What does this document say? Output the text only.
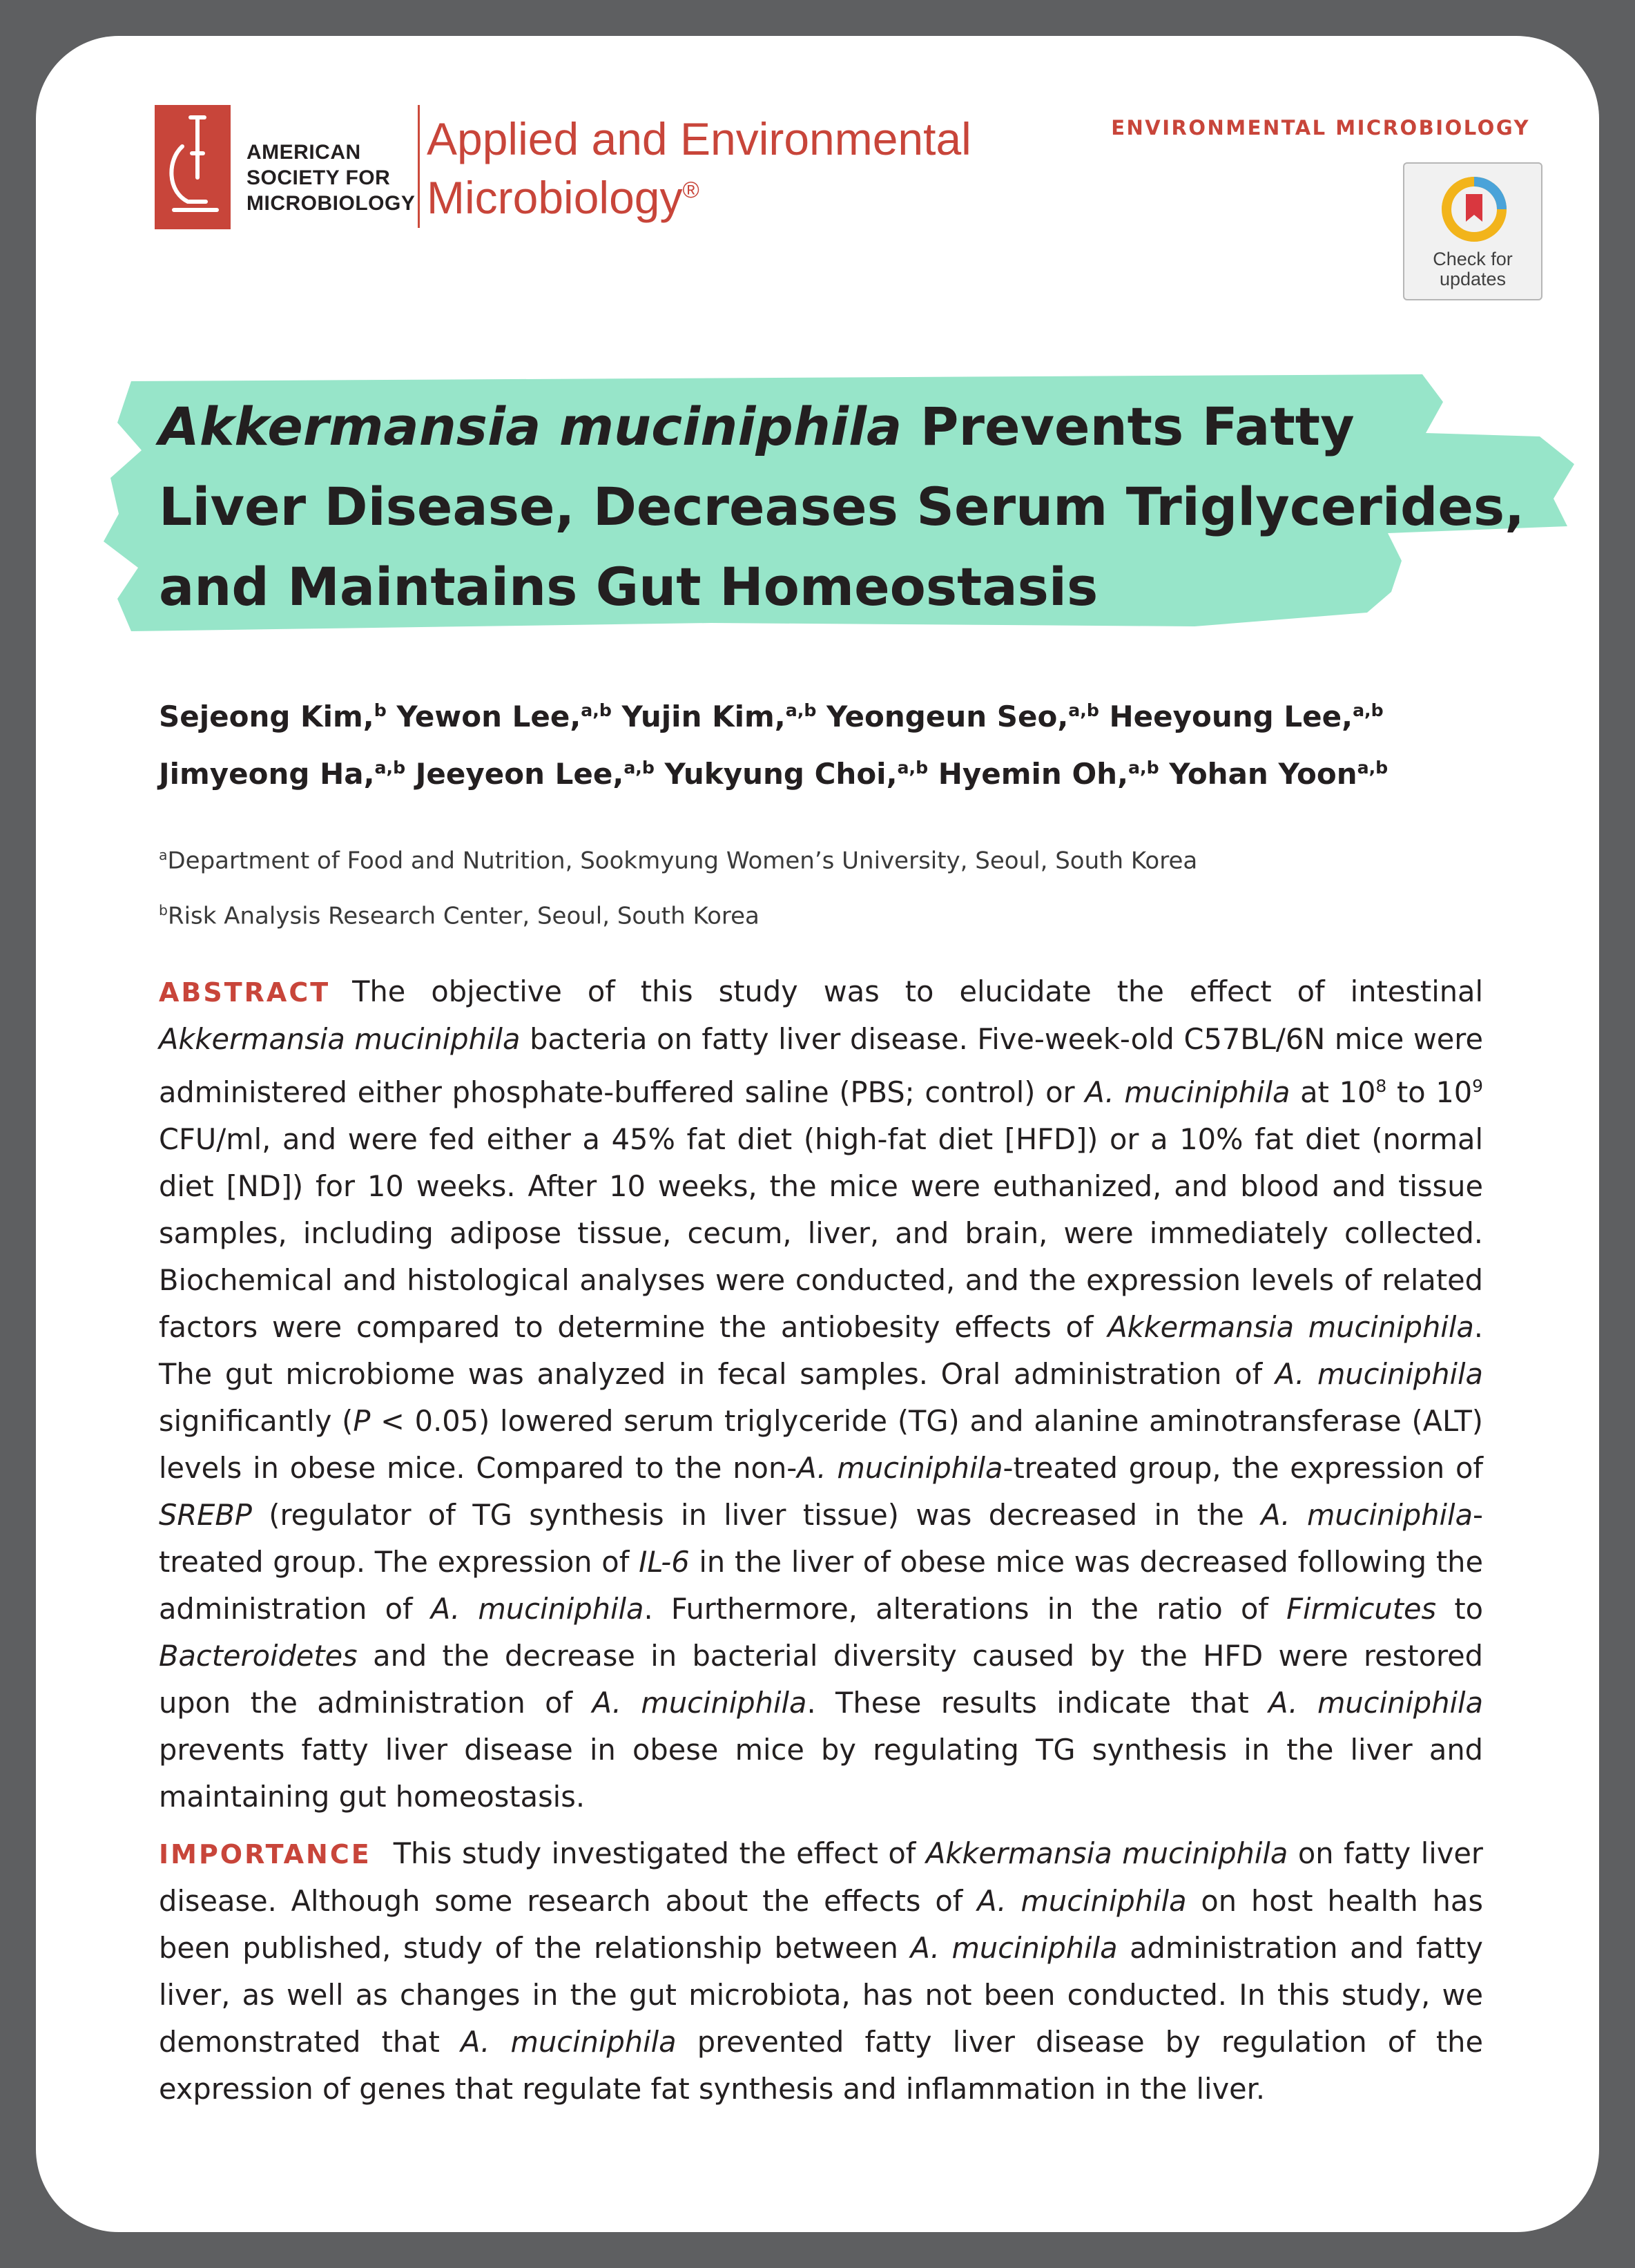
AMERICAN
SOCIETY FOR
MICROBIOLOGY
Applied and Environmental
Microbiology®
ENVIRONMENTAL MICROBIOLOGY
Check for
updates
Akkermansia muciniphila Prevents Fatty
Liver Disease, Decreases Serum Triglycerides,
and Maintains Gut Homeostasis
Sejeong Kim,$^b$ Yewon Lee,$^{a,b}$ Yujin Kim,$^{a,b}$ Yeongeun Seo,$^{a,b}$ Heeyoung Lee,$^{a,b}$
Jimyeong Ha,$^{a,b}$ Jeeyeon Lee,$^{a,b}$ Yukyung Choi,$^{a,b}$ Hyemin Oh,$^{a,b}$ Yohan Yoon$^{a,b}$
$^a$Department of Food and Nutrition, Sookmyung Women’s University, Seoul, South Korea
$^b$Risk Analysis Research Center, Seoul, South Korea

ABSTRACT The objective of this study was to elucidate the effect of intestinal Akkermansia muciniphila bacteria on fatty liver disease. Five-week-old C57BL/6N mice were administered either phosphate-buffered saline (PBS; control) or A. muciniphila at $10^8$ to $10^9$ CFU/ml, and were fed either a 45% fat diet (high-fat diet [HFD]) or a 10% fat diet (normal diet [ND]) for 10 weeks. After 10 weeks, the mice were euthanized, and blood and tissue samples, including adipose tissue, cecum, liver, and brain, were immediately collected. Biochemical and histological analyses were conducted, and the expression levels of related factors were compared to determine the antiobesity effects of Akkermansia muciniphila. The gut microbiome was analyzed in fecal samples. Oral administration of A. muciniphila significantly (P < 0.05) lowered serum triglyceride (TG) and alanine aminotransferase (ALT) levels in obese mice. Compared to the non-A. muciniphila-treated group, the expression of SREBP (regulator of TG synthesis in liver tissue) was decreased in the A. muciniphila-treated group. The expression of IL-6 in the liver of obese mice was decreased following the administration of A. muciniphila. Furthermore, alterations in the ratio of Firmicutes to Bacteroidetes and the decrease in bacterial diversity caused by the HFD were restored upon the administration of A. muciniphila. These results indicate that A. muciniphila prevents fatty liver disease in obese mice by regulating TG synthesis in the liver and maintaining gut homeostasis.

IMPORTANCE This study investigated the effect of Akkermansia muciniphila on fatty liver disease. Although some research about the effects of A. muciniphila on host health has been published, study of the relationship between A. muciniphila administration and fatty liver, as well as changes in the gut microbiota, has not been conducted. In this study, we demonstrated that A. muciniphila prevented fatty liver disease by regulation of the expression of genes that regulate fat synthesis and inflammation in the liver.
